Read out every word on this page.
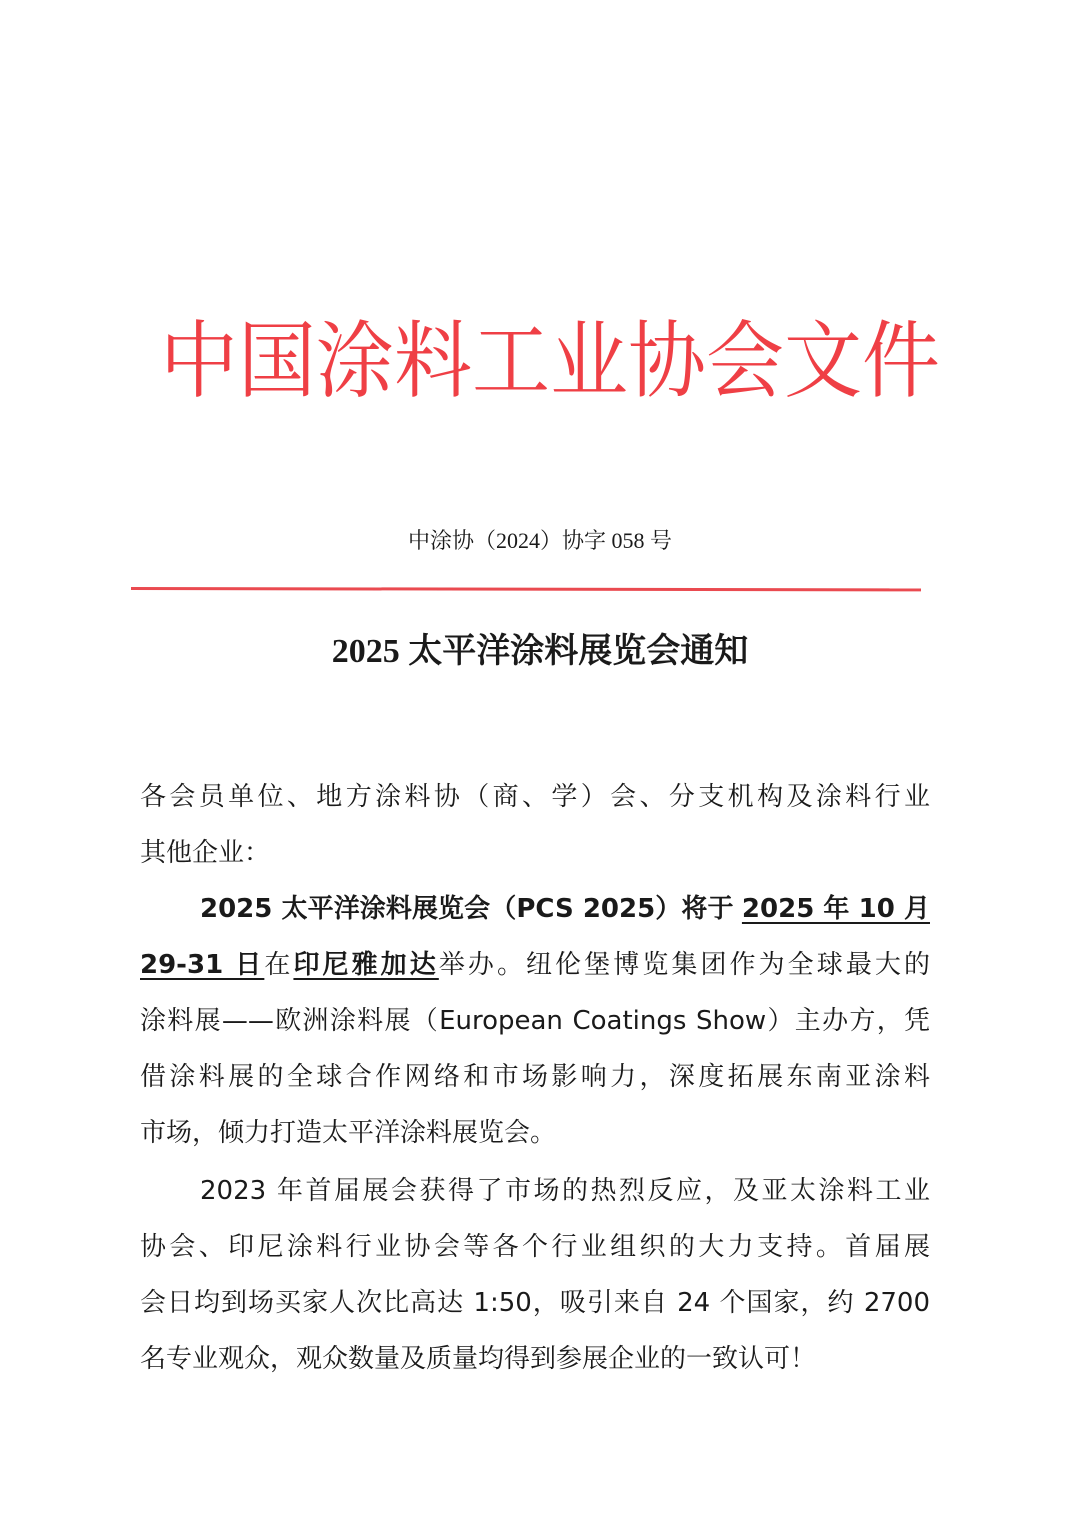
中国涂料工业协会文件
中涂协（2024）协字 058 号
2025 太平洋涂料展览会通知
各会员单位、地方涂料协（商、学）会、分支机构及涂料行业
其他企业：
2025 太平洋涂料展览会（PCS 2025）将于 2025 年 10 月
29-31 日在印尼雅加达举办。纽伦堡博览集团作为全球最大的
涂料展——欧洲涂料展（European Coatings Show）主办方，凭
借涂料展的全球合作网络和市场影响力，深度拓展东南亚涂料
市场，倾力打造太平洋涂料展览会。
2023 年首届展会获得了市场的热烈反应，及亚太涂料工业
协会、印尼涂料行业协会等各个行业组织的大力支持。首届展
会日均到场买家人次比高达 1:50，吸引来自 24 个国家，约 2700
名专业观众，观众数量及质量均得到参展企业的一致认可！
